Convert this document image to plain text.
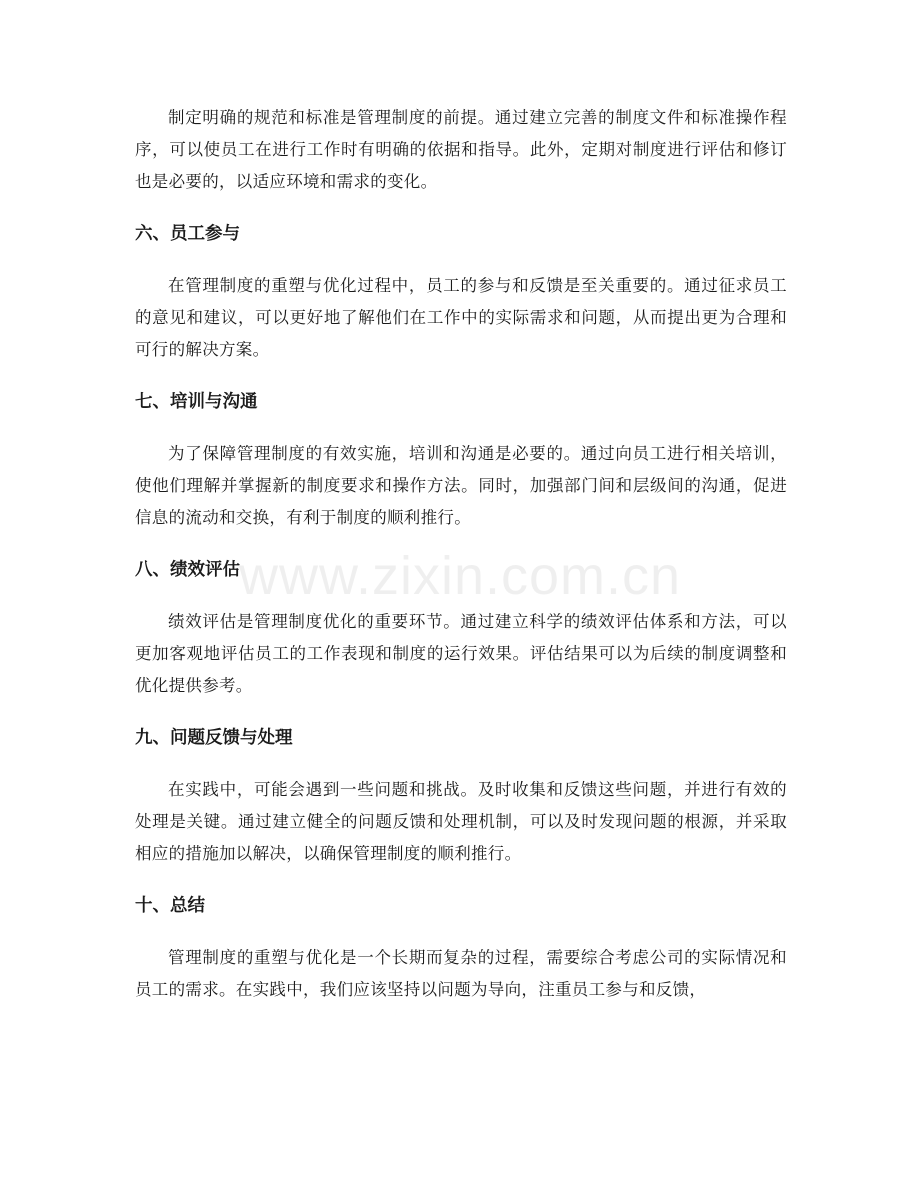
制定明确的规范和标准是管理制度的前提。通过建立完善的制度文件和标准操作程序，可以使员工在进行工作时有明确的依据和指导。此外，定期对制度进行评估和修订也是必要的，以适应环境和需求的变化。

六、员工参与

在管理制度的重塑与优化过程中，员工的参与和反馈是至关重要的。通过征求员工的意见和建议，可以更好地了解他们在工作中的实际需求和问题，从而提出更为合理和可行的解决方案。

七、培训与沟通

为了保障管理制度的有效实施，培训和沟通是必要的。通过向员工进行相关培训，使他们理解并掌握新的制度要求和操作方法。同时，加强部门间和层级间的沟通，促进信息的流动和交换，有利于制度的顺利推行。

八、绩效评估

绩效评估是管理制度优化的重要环节。通过建立科学的绩效评估体系和方法，可以更加客观地评估员工的工作表现和制度的运行效果。评估结果可以为后续的制度调整和优化提供参考。

九、问题反馈与处理

在实践中，可能会遇到一些问题和挑战。及时收集和反馈这些问题，并进行有效的处理是关键。通过建立健全的问题反馈和处理机制，可以及时发现问题的根源，并采取相应的措施加以解决，以确保管理制度的顺利推行。

十、总结

管理制度的重塑与优化是一个长期而复杂的过程，需要综合考虑公司的实际情况和员工的需求。在实践中，我们应该坚持以问题为导向，注重员工参与和反馈，

www.zixin.com.cn
